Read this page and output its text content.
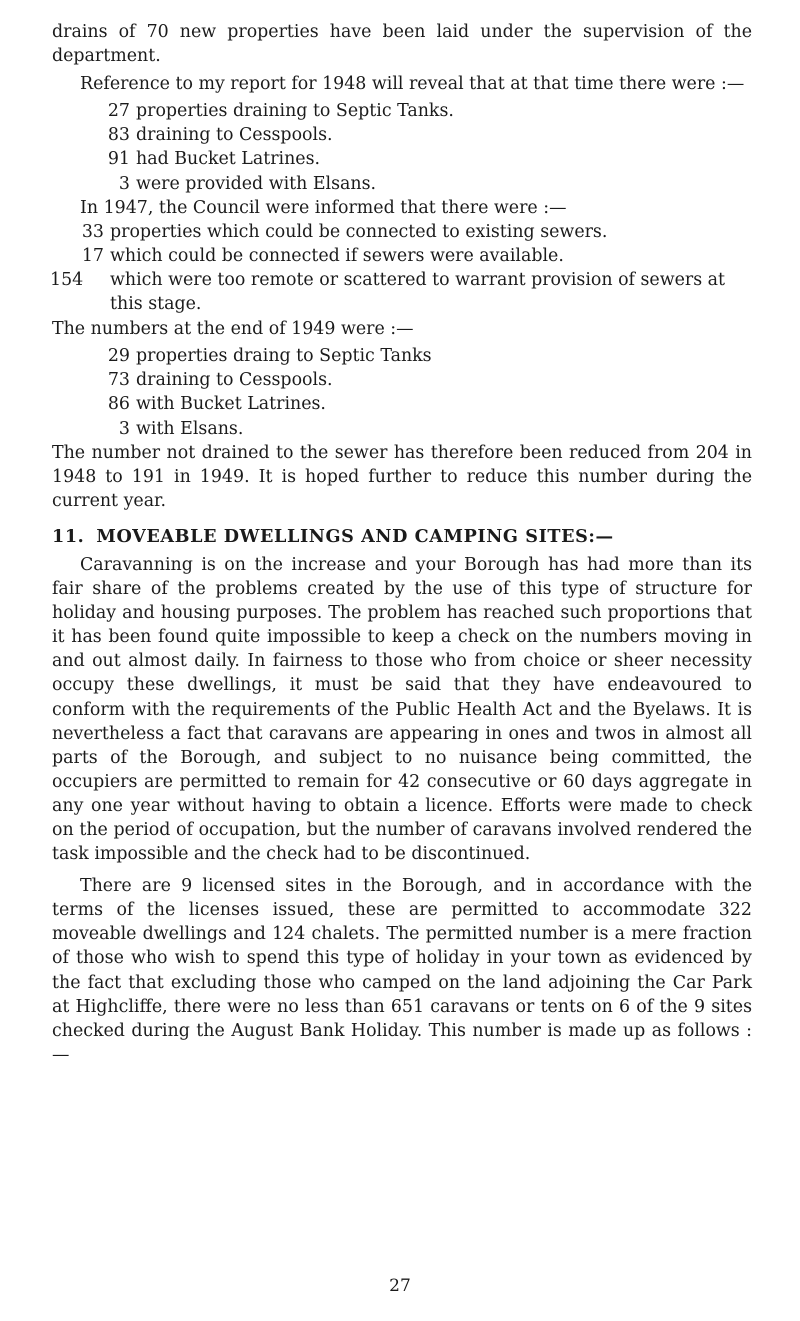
drains of 70 new properties have been laid under the supervision of the department.

Reference to my report for 1948 will reveal that at that time there were :—

27 properties draining to Septic Tanks.
83 draining to Cesspools.
91 had Bucket Latrines.
3 were provided with Elsans.

In 1947, the Council were informed that there were :—

33 properties which could be connected to existing sewers.
17 which could be connected if sewers were available.
154 which were too remote or scattered to warrant provision of sewers at this stage.

The numbers at the end of 1949 were :—

29 properties draing to Septic Tanks
73 draining to Cesspools.
86 with Bucket Latrines.
3 with Elsans.

The number not drained to the sewer has therefore been reduced from 204 in 1948 to 191 in 1949. It is hoped further to reduce this number during the current year.

11. MOVEABLE DWELLINGS AND CAMPING SITES:—

Caravanning is on the increase and your Borough has had more than its fair share of the problems created by the use of this type of structure for holiday and housing purposes. The problem has reached such proportions that it has been found quite impossible to keep a check on the numbers moving in and out almost daily. In fairness to those who from choice or sheer necessity occupy these dwellings, it must be said that they have endeavoured to conform with the requirements of the Public Health Act and the Byelaws. It is nevertheless a fact that caravans are appearing in ones and twos in almost all parts of the Borough, and subject to no nuisance being committed, the occupiers are permitted to remain for 42 consecutive or 60 days aggregate in any one year without having to obtain a licence. Efforts were made to check on the period of occupation, but the number of caravans involved rendered the task impossible and the check had to be discontinued.

There are 9 licensed sites in the Borough, and in accordance with the terms of the licenses issued, these are permitted to accommodate 322 moveable dwellings and 124 chalets. The permitted number is a mere fraction of those who wish to spend this type of holiday in your town as evidenced by the fact that excluding those who camped on the land adjoining the Car Park at Highcliffe, there were no less than 651 caravans or tents on 6 of the 9 sites checked during the August Bank Holiday. This number is made up as follows :—

27
